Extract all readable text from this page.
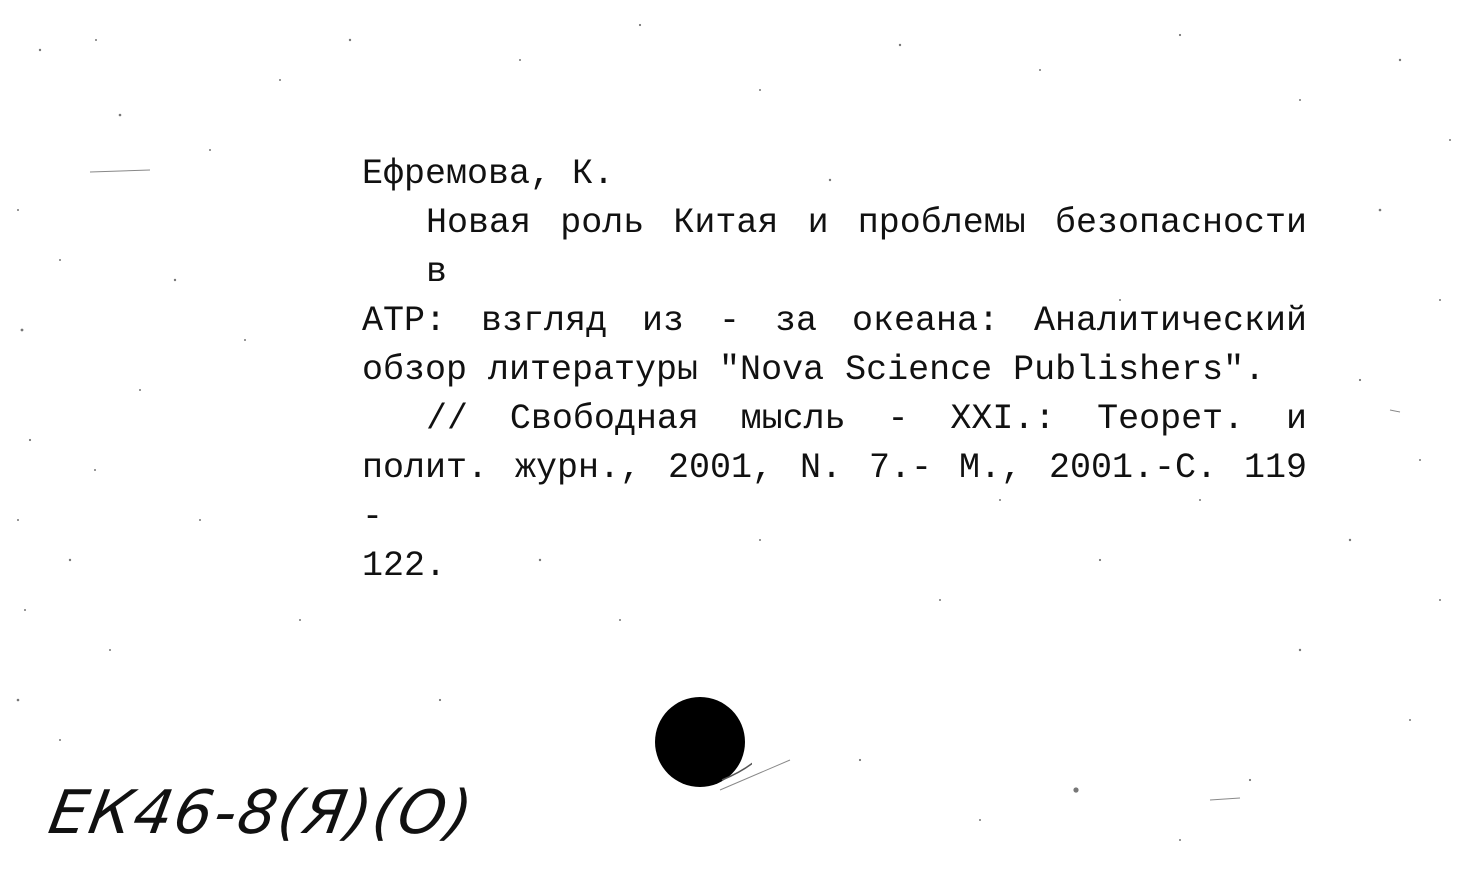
Ефремова, К.

Новая роль Китая и проблемы безопасности в
АТР: взгляд из - за океана: Аналитический
обзор литературы "Nova Science Publishers".

// Свободная мысль - XXI.: Теорет. и
полит. журн., 2001, N. 7.- М., 2001.-С. 119 -
122.

ЕК46-8(Я)(О)
